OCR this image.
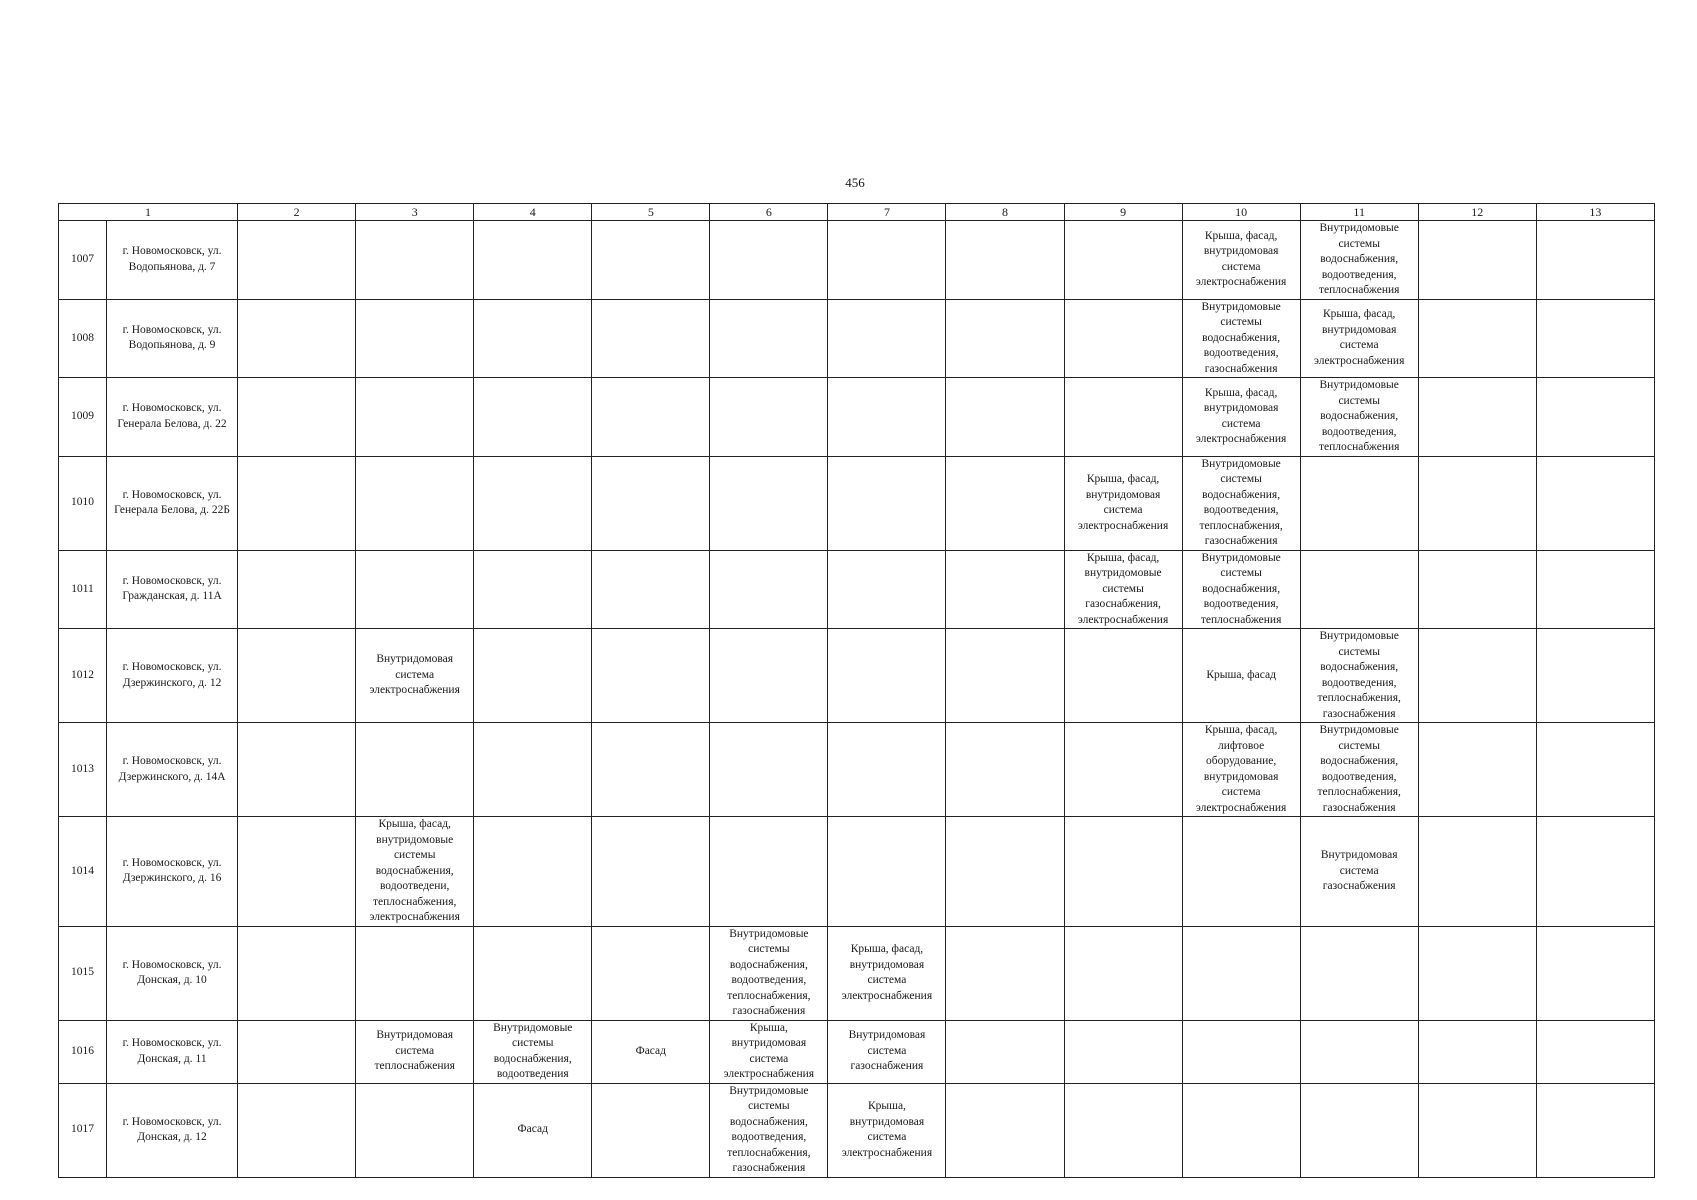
456
1		2	3	4	5	6	7	8	9	10	11	12	13
1007	г. Новомосковск, ул. Водопьянова, д. 7									Крыша, фасад, внутридомовая система электроснабжения	Внутридомовые системы водоснабжения, водоотведения, теплоснабжения		
1008	г. Новомосковск, ул. Водопьянова, д. 9									Внутридомовые системы водоснабжения, водоотведения, газоснабжения	Крыша, фасад, внутридомовая система электроснабжения		
1009	г. Новомосковск, ул. Генерала Белова, д. 22									Крыша, фасад, внутридомовая система электроснабжения	Внутридомовые системы водоснабжения, водоотведения, теплоснабжения		
1010	г. Новомосковск, ул. Генерала Белова, д. 22Б								Крыша, фасад, внутридомовая система электроснабжения	Внутридомовые системы водоснабжения, водоотведения, теплоснабжения, газоснабжения			
1011	г. Новомосковск, ул. Гражданская, д. 11А								Крыша, фасад, внутридомовые системы газоснабжения, электроснабжения	Внутридомовые системы водоснабжения, водоотведения, теплоснабжения			
1012	г. Новомосковск, ул. Дзержинского, д. 12		Внутридомовая система электроснабжения							Крыша, фасад	Внутридомовые системы водоснабжения, водоотведения, теплоснабжения, газоснабжения		
1013	г. Новомосковск, ул. Дзержинского, д. 14А									Крыша, фасад, лифтовое оборудование, внутридомовая система электроснабжения	Внутридомовые системы водоснабжения, водоотведения, теплоснабжения, газоснабжения		
1014	г. Новомосковск, ул. Дзержинского, д. 16		Крыша, фасад, внутридомовые системы водоснабжения, водоотведени, теплоснабжения, электроснабжения								Внутридомовая система газоснабжения		
1015	г. Новомосковск, ул. Донская, д. 10					Внутридомовые системы водоснабжения, водоотведения, теплоснабжения, газоснабжения	Крыша, фасад, внутридомовая система электроснабжения						
1016	г. Новомосковск, ул. Донская, д. 11		Внутридомовая система теплоснабжения	Внутридомовые системы водоснабжения, водоотведения	Фасад	Крыша, внутридомовая система электроснабжения	Внутридомовая система газоснабжения						
1017	г. Новомосковск, ул. Донская, д. 12			Фасад		Внутридомовые системы водоснабжения, водоотведения, теплоснабжения, газоснабжения	Крыша, внутридомовая система электроснабжения						
